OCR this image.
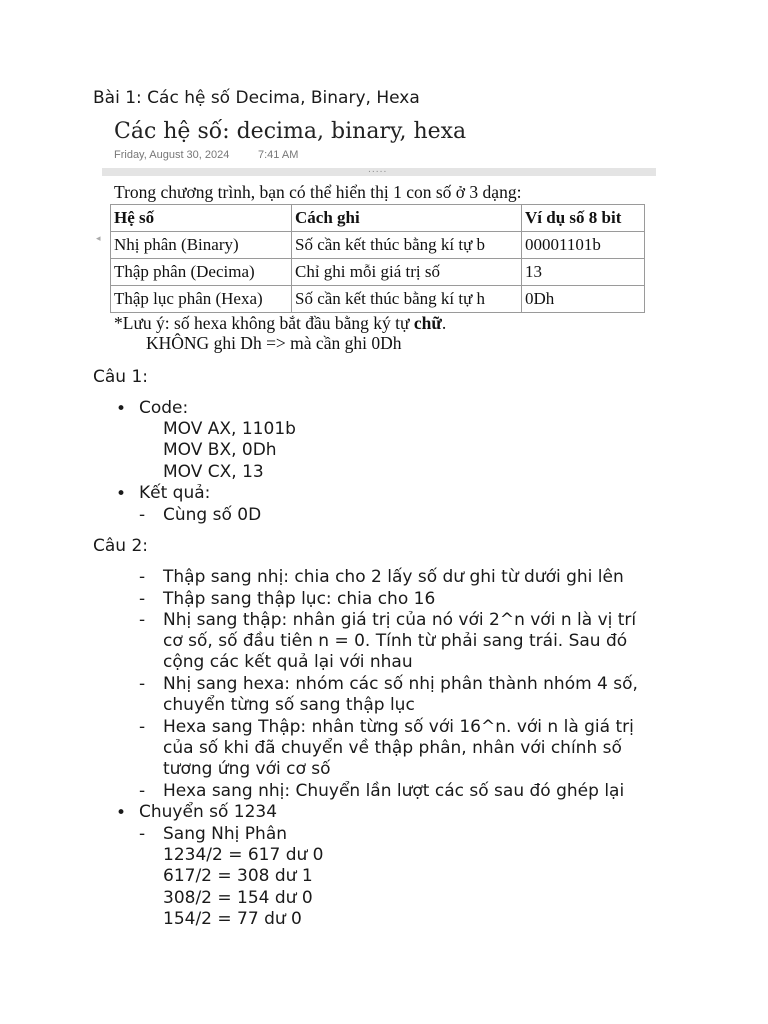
Bài 1: Các hệ số Decima, Binary, Hexa
Các hệ số: decima, binary, hexa
Friday, August 30, 2024	7:41 AM
.....
◂
Trong chương trình, bạn có thể hiển thị 1 con số ở 3 dạng:
Hệ số	Cách ghi	Ví dụ số 8 bit
Nhị phân (Binary)	Số cần kết thúc bằng kí tự b	00001101b
Thập phân (Decima)	Chỉ ghi mỗi giá trị số	13
Thập lục phân (Hexa)	Số cần kết thúc bằng kí tự h	0Dh
*Lưu ý: số hexa không bắt đầu bằng ký tự chữ.
KHÔNG ghi Dh => mà cần ghi 0Dh
Câu 1:
• Code:
MOV AX, 1101b
MOV BX, 0Dh
MOV CX, 13
• Kết quả:
- Cùng số 0D
Câu 2:
- Thập sang nhị: chia cho 2 lấy số dư ghi từ dưới ghi lên
- Thập sang thập lục: chia cho 16
- Nhị sang thập: nhân giá trị của nó với 2^n với n là vị trí
cơ số, số đầu tiên n = 0. Tính từ phải sang trái. Sau đó
cộng các kết quả lại với nhau
- Nhị sang hexa: nhóm các số nhị phân thành nhóm 4 số,
chuyển từng số sang thập lục
- Hexa sang Thập: nhân từng số với 16^n. với n là giá trị
của số khi đã chuyển về thập phân, nhân với chính số
tương ứng với cơ số
- Hexa sang nhị: Chuyển lần lượt các số sau đó ghép lại
• Chuyển số 1234
- Sang Nhị Phân
1234/2 = 617 dư 0
617/2 = 308 dư 1
308/2 = 154 dư 0
154/2 = 77 dư 0
